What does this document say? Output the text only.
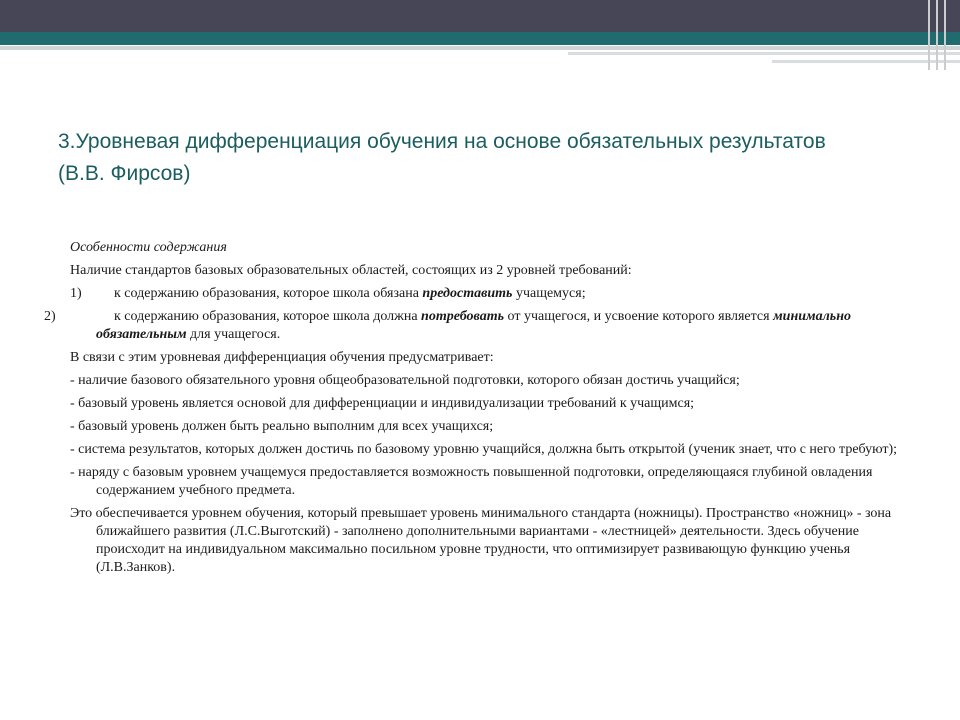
3.Уровневая дифференциация обучения на основе обязательных результатов (В.В. Фирсов)

Особенности содержания

Наличие стандартов базовых образовательных областей, состоящих из 2 уровней требований:

1) к содержанию образования, которое школа обязана предоставить учащемуся;

2)	к содержанию образования, которое школа должна потребовать от учащегося, и усвоение которого является минимально обязательным для учащегося.

В связи с этим уровневая дифференциация обучения предусматривает:

- наличие базового обязательного уровня общеобразовательной подготовки, которого обязан достичь учащийся;

- базовый уровень является основой для дифференциации и индивидуализации требований к учащимся;

- базовый уровень должен быть реально выполним для всех учащихся;

- система результатов, которых должен достичь по базовому уровню учащийся, должна быть открытой (ученик знает, что с него требуют);

- наряду с базовым уровнем учащемуся предоставляется возможность повышенной подготовки, определяющаяся глубиной овладения содержанием учебного предмета.

Это обеспечивается уровнем обучения, который превышает уровень минимального стандарта (ножницы). Пространство «ножниц» - зона ближайшего развития (Л.С.Выготский) - заполнено дополнительными вариантами - «лестницей» деятельности. Здесь обучение происходит на индивидуальном максимально посильном уровне трудности, что оптимизирует развивающую функцию ученья (Л.В.Занков).
